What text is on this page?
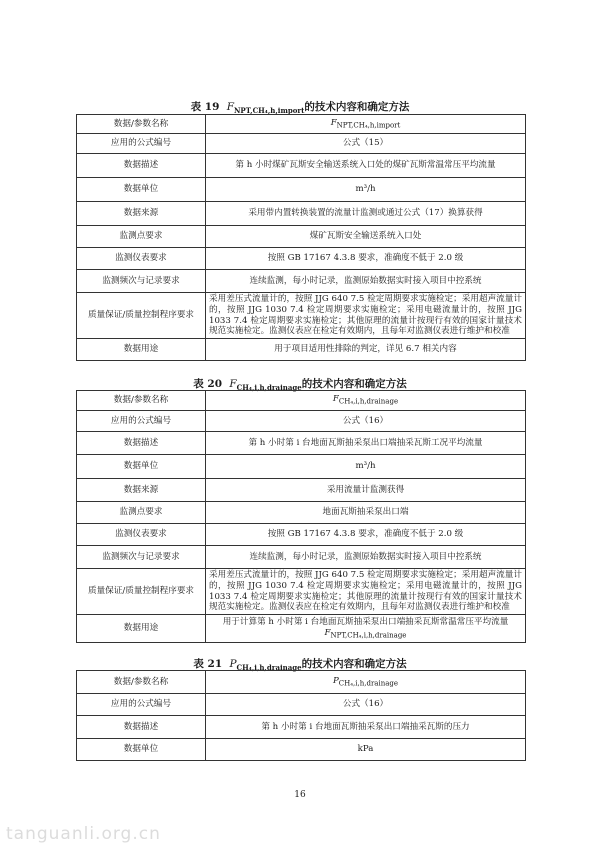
表 19 $F_{NPT,CH_4,h,import}$的技术内容和确定方法
数据/参数名称	$F_{NPT,CH_4,h,import}$
应用的公式编号	公式（15）
数据描述	第 h 小时煤矿瓦斯安全输送系统入口处的煤矿瓦斯常温常压平均流量
数据单位	m³/h
数据来源	采用带内置转换装置的流量计监测或通过公式（17）换算获得
监测点要求	煤矿瓦斯安全输送系统入口处
监测仪表要求	按照 GB 17167 4.3.8 要求，准确度不低于 2.0 级
监测频次与记录要求	连续监测，每小时记录，监测原始数据实时接入项目中控系统
质量保证/质量控制程序要求	采用差压式流量计的，按照 JJG 640 7.5 检定周期要求实施检定；采用超声流量计的，按照 JJG 1030 7.4 检定周期要求实施检定；采用电磁流量计的，按照 JJG 1033 7.4 检定周期要求实施检定；其他原理的流量计按现行有效的国家计量技术规范实施检定。监测仪表应在检定有效期内，且每年对监测仪表进行维护和校准
数据用途	用于项目适用性排除的判定，详见 6.7 相关内容
表 20 $F_{CH_4,i,h,drainage}$的技术内容和确定方法
数据/参数名称	$F_{CH_4,i,h,drainage}$
应用的公式编号	公式（16）
数据描述	第 h 小时第 i 台地面瓦斯抽采泵出口端抽采瓦斯工况平均流量
数据单位	m³/h
数据来源	采用流量计监测获得
监测点要求	地面瓦斯抽采泵出口端
监测仪表要求	按照 GB 17167 4.3.8 要求，准确度不低于 2.0 级
监测频次与记录要求	连续监测，每小时记录，监测原始数据实时接入项目中控系统
质量保证/质量控制程序要求	采用差压式流量计的，按照 JJG 640 7.5 检定周期要求实施检定；采用超声流量计的，按照 JJG 1030 7.4 检定周期要求实施检定；采用电磁流量计的，按照 JJG 1033 7.4 检定周期要求实施检定；其他原理的流量计按现行有效的国家计量技术规范实施检定。监测仪表应在检定有效期内，且每年对监测仪表进行维护和校准
数据用途	用于计算第 h 小时第 i 台地面瓦斯抽采泵出口端抽采瓦斯常温常压平均流量
$F_{NPT,CH_4,i,h,drainage}$
表 21 $P_{CH_4,i,h,drainage}$的技术内容和确定方法
数据/参数名称	$P_{CH_4,i,h,drainage}$
应用的公式编号	公式（16）
数据描述	第 h 小时第 i 台地面瓦斯抽采泵出口端抽采瓦斯的压力
数据单位	kPa
16
tanguanli.org.cn
